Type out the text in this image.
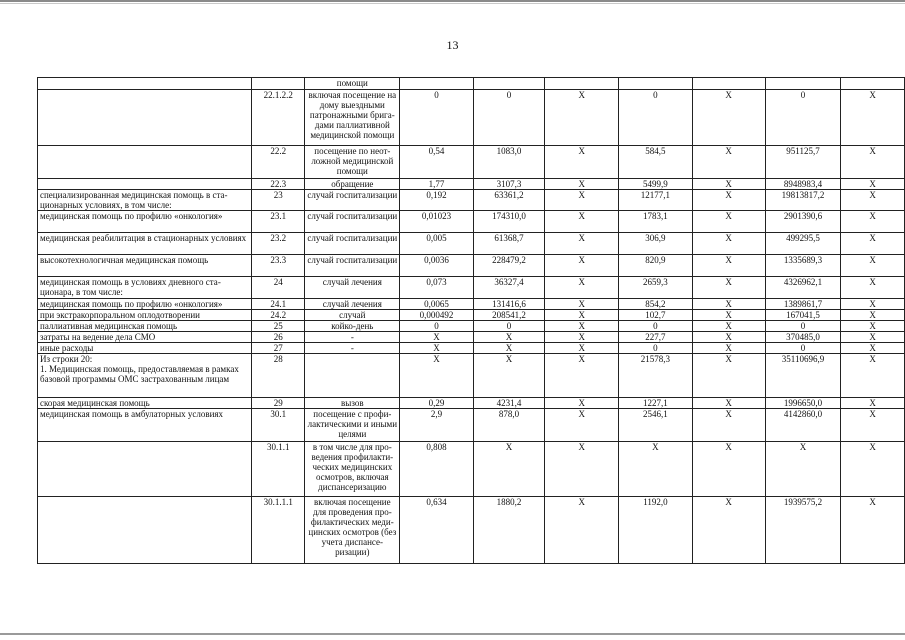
13
		помощи							
	22.1.2.2	включая посещение на дому выездными патронажными бригадами паллиативной медицинской помощи	0	0	X	0	X	0	X
	22.2	посещение по неотложной медицинской помощи	0,54	1083,0	X	584,5	X	951125,7	X
	22.3	обращение	1,77	3107,3	X	5499,9	X	8948983,4	X
специализированная медицинская помощь в стационарных условиях, в том числе:	23	случай госпитализации	0,192	63361,2	X	12177,1	X	19813817,2	X
медицинская помощь по профилю «онкология»	23.1	случай госпитализации	0,01023	174310,0	X	1783,1	X	2901390,6	X
медицинская реабилитация в стационарных условиях	23.2	случай госпитализации	0,005	61368,7	X	306,9	X	499295,5	X
высокотехнологичная медицинская помощь	23.3	случай госпитализации	0,0036	228479,2	X	820,9	X	1335689,3	X
медицинская помощь в условиях дневного стационара, в том числе:	24	случай лечения	0,073	36327,4	X	2659,3	X	4326962,1	X
медицинская помощь по профилю «онкология»	24.1	случай лечения	0,0065	131416,6	X	854,2	X	1389861,7	X
при экстракорпоральном оплодотворении	24.2	случай	0,000492	208541,2	X	102,7	X	167041,5	X
паллиативная медицинская помощь	25	койко-день	0	0	X	0	X	0	X
затраты на ведение дела СМО	26	-	X	X	X	227,7	X	370485,0	X
иные расходы	27	-	X	X	X	0	X	0	X
Из строки 20:
1. Медицинская помощь, предоставляемая в рамках базовой программы ОМС застрахованным лицам	28		X	X	X	21578,3	X	35110696,9	X
скорая медицинская помощь	29	вызов	0,29	4231,4	X	1227,1	X	1996650,0	X
медицинская помощь в амбулаторных условиях	30.1	посещение с профилактическими и иными целями	2,9	878,0	X	2546,1	X	4142860,0	X
	30.1.1	в том числе для проведения профилактических медицинских осмотров, включая диспансеризацию	0,808	X	X	X	X	X	X
	30.1.1.1	включая посещение для проведения профилактических медицинских осмотров (без учета диспансеризации)	0,634	1880,2	X	1192,0	X	1939575,2	X
